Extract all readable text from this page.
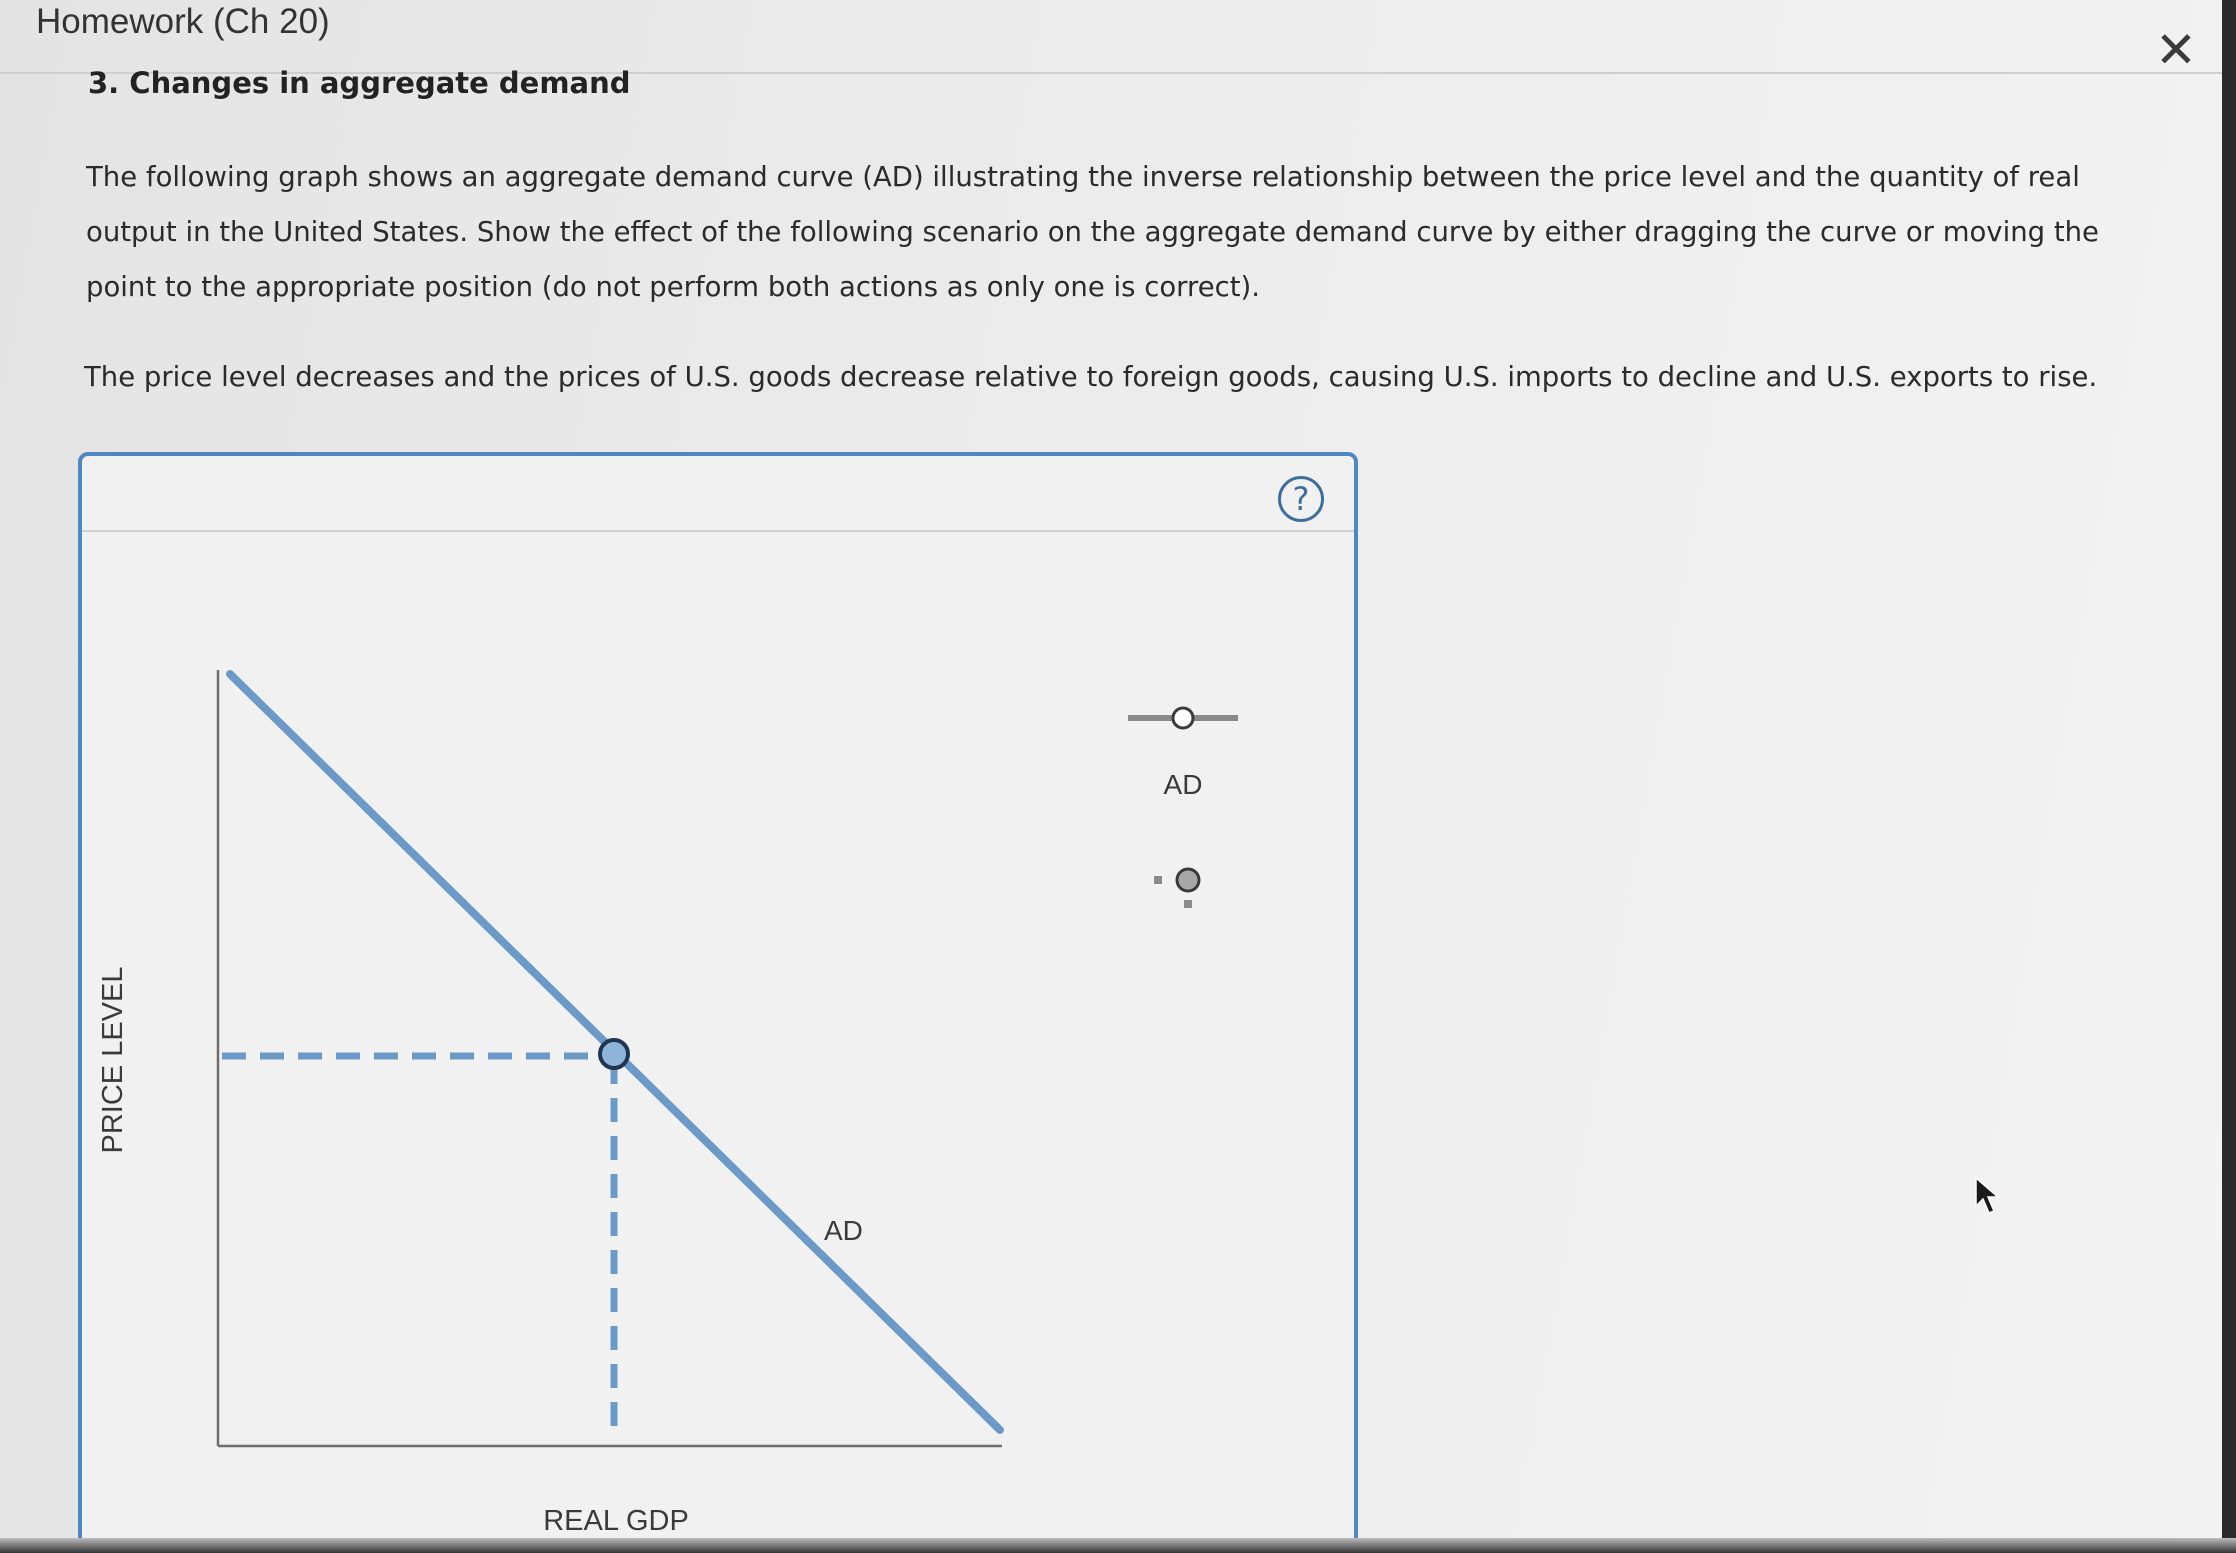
Homework (Ch 20)	✕
3. Changes in aggregate demand
The following graph shows an aggregate demand curve (AD) illustrating the inverse relationship between the price level and the quantity of real output in the United States. Show the effect of the following scenario on the aggregate demand curve by either dragging the curve or moving the point to the appropriate position (do not perform both actions as only one is correct).
The price level decreases and the prices of U.S. goods decrease relative to foreign goods, causing U.S. imports to decline and U.S. exports to rise.
?
AD
REAL GDP
PRICE LEVEL
AD
